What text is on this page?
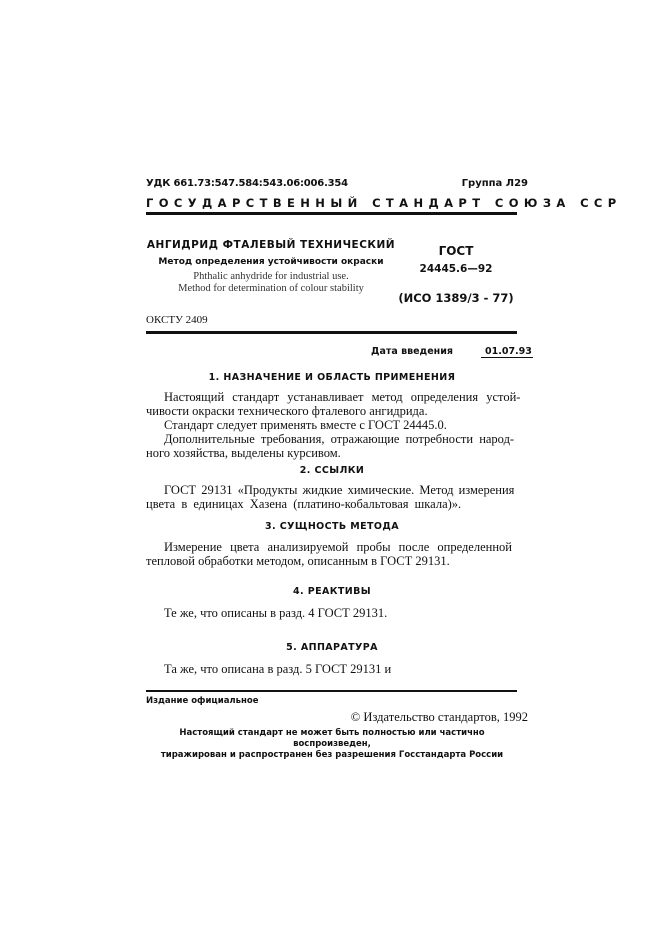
УДК 661.73:547.584:543.06:006.354	Группа Л29
ГОСУДАРСТВЕННЫЙ СТАНДАРТ СОЮЗА ССР
АНГИДРИД ФТАЛЕВЫЙ ТЕХНИЧЕСКИЙ
Метод определения устойчивости окраски
Phthalic anhydride for industrial use.
Method for determination of colour stability
ГОСТ
24445.6—92
(ИСО 1389/3 - 77)
ОКСТУ 2409
Дата введения	01.07.93
1. НАЗНАЧЕНИЕ И ОБЛАСТЬ ПРИМЕНЕНИЯ
Настоящий стандарт устанавливает метод определения устой-
чивости окраски технического фталевого ангидрида.
Стандарт следует применять вместе с ГОСТ 24445.0.
Дополнительные требования, отражающие потребности народ-
ного хозяйства, выделены курсивом.
2. ССЫЛКИ
ГОСТ 29131 «Продукты жидкие химические. Метод измерения
цвета в единицах Хазена (платино-кобальтовая шкала)».
3. СУЩНОСТЬ МЕТОДА
Измерение цвета анализируемой пробы после определенной
тепловой обработки методом, описанным в ГОСТ 29131.
4. РЕАКТИВЫ
Те же, что описаны в разд. 4 ГОСТ 29131.
5. АППАРАТУРА
Та же, что описана в разд. 5 ГОСТ 29131 и
Издание официальное
© Издательство стандартов, 1992
Настоящий стандарт не может быть полностью или частично воспроизведен,
тиражирован и распространен без разрешения Госстандарта России
